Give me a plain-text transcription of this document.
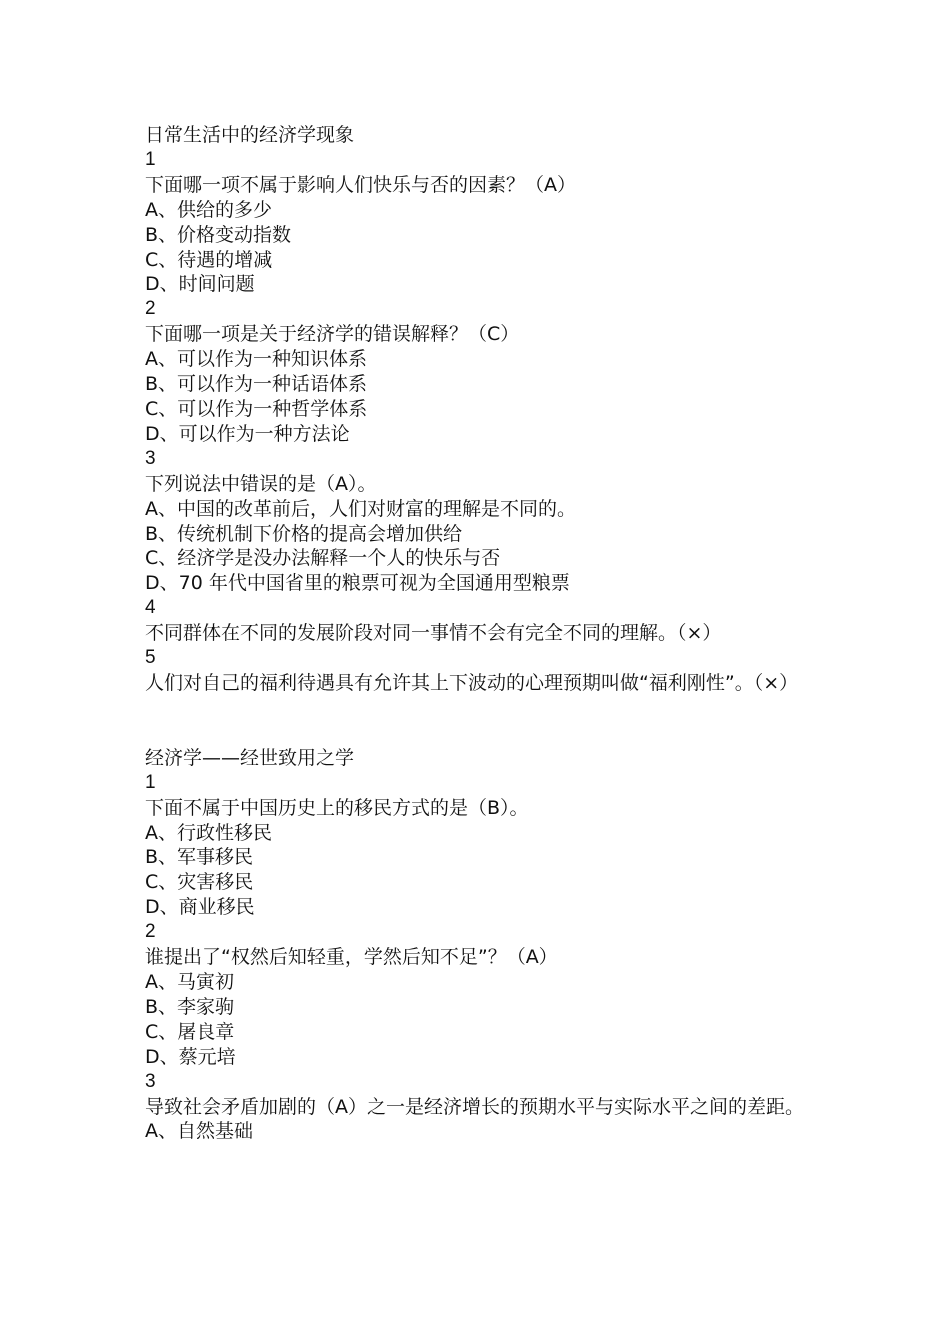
日常生活中的经济学现象
1
下面哪一项不属于影响人们快乐与否的因素？（A）
A、供给的多少
B、价格变动指数
C、待遇的增减
D、时间问题
2
下面哪一项是关于经济学的错误解释？（C）
A、可以作为一种知识体系
B、可以作为一种话语体系
C、可以作为一种哲学体系
D、可以作为一种方法论
3
下列说法中错误的是（A）。
A、中国的改革前后，人们对财富的理解是不同的。
B、传统机制下价格的提高会增加供给
C、经济学是没办法解释一个人的快乐与否
D、70 年代中国省里的粮票可视为全国通用型粮票
4
不同群体在不同的发展阶段对同一事情不会有完全不同的理解。（×）
5
人们对自己的福利待遇具有允许其上下波动的心理预期叫做“福利刚性”。（×）
经济学——经世致用之学
1
下面不属于中国历史上的移民方式的是（B）。
A、行政性移民
B、军事移民
C、灾害移民
D、商业移民
2
谁提出了“权然后知轻重，学然后知不足”？（A）
A、马寅初
B、李家驹
C、屠良章
D、蔡元培
3
导致社会矛盾加剧的（A）之一是经济增长的预期水平与实际水平之间的差距。
A、自然基础
